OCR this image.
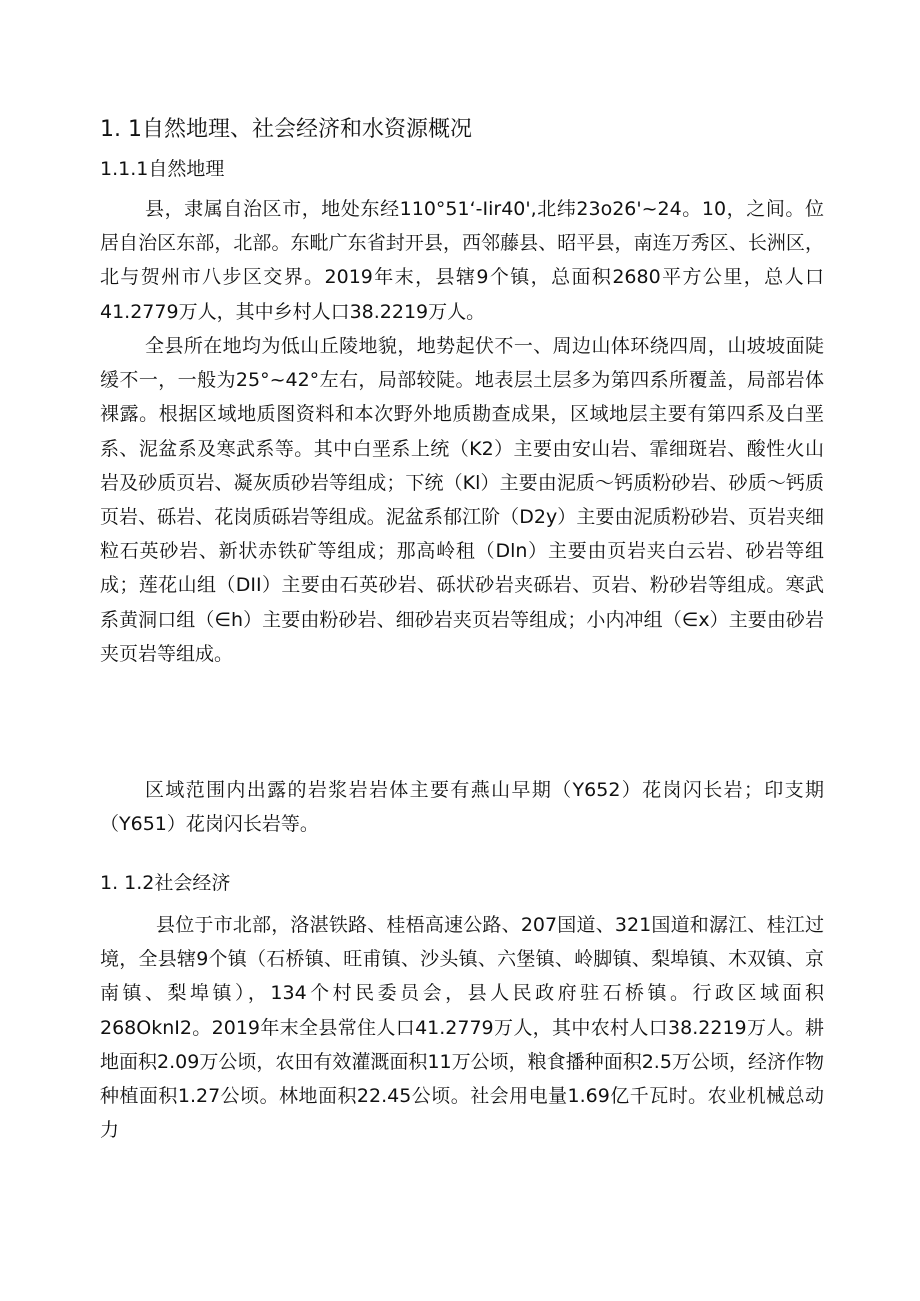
1. 1自然地理、社会经济和水资源概况
1.1.1自然地理

县，隶属自治区市，地处东经110°51‘-Iir40',北纬23o26'~24。10，之间。位居自治区东部，北部。东毗广东省封开县，西邻藤县、昭平县，南连万秀区、长洲区，北与贺州市八步区交界。2019年末，县辖9个镇，总面积2680平方公里，总人口41.2779万人，其中乡村人口38.2219万人。

全县所在地均为低山丘陵地貌，地势起伏不一、周边山体环绕四周，山坡坡面陡缓不一，一般为25°~42°左右，局部较陡。地表层土层多为第四系所覆盖，局部岩体裸露。根据区域地质图资料和本次野外地质勘查成果，区域地层主要有第四系及白垩系、泥盆系及寒武系等。其中白垩系上统（K2）主要由安山岩、霏细斑岩、酸性火山岩及砂质页岩、凝灰质砂岩等组成；下统（Kl）主要由泥质～钙质粉砂岩、砂质～钙质页岩、砾岩、花岗质砾岩等组成。泥盆系郁江阶（D2y）主要由泥质粉砂岩、页岩夹细粒石英砂岩、新状赤铁矿等组成；那高岭租（Dln）主要由页岩夹白云岩、砂岩等组成；莲花山组（DII）主要由石英砂岩、砾状砂岩夹砾岩、页岩、粉砂岩等组成。寒武系黄洞口组（∈h）主要由粉砂岩、细砂岩夹页岩等组成；小内冲组（∈x）主要由砂岩夹页岩等组成。

区域范围内出露的岩浆岩岩体主要有燕山早期（Y652）花岗闪长岩；印支期（Y651）花岗闪长岩等。

1. 1.2社会经济

县位于市北部，洛湛铁路、桂梧高速公路、207国道、321国道和潺江、桂江过境，全县辖9个镇（石桥镇、旺甫镇、沙头镇、六堡镇、岭脚镇、梨埠镇、木双镇、京南镇、梨埠镇），134个村民委员会，县人民政府驻石桥镇。行政区域面积268OknI2。2019年末全县常住人口41.2779万人，其中农村人口38.2219万人。耕地面积2.09万公顷，农田有效灌溉面积11万公顷，粮食播种面积2.5万公顷，经济作物种植面积1.27公顷。林地面积22.45公顷。社会用电量1.69亿千瓦时。农业机械总动力
